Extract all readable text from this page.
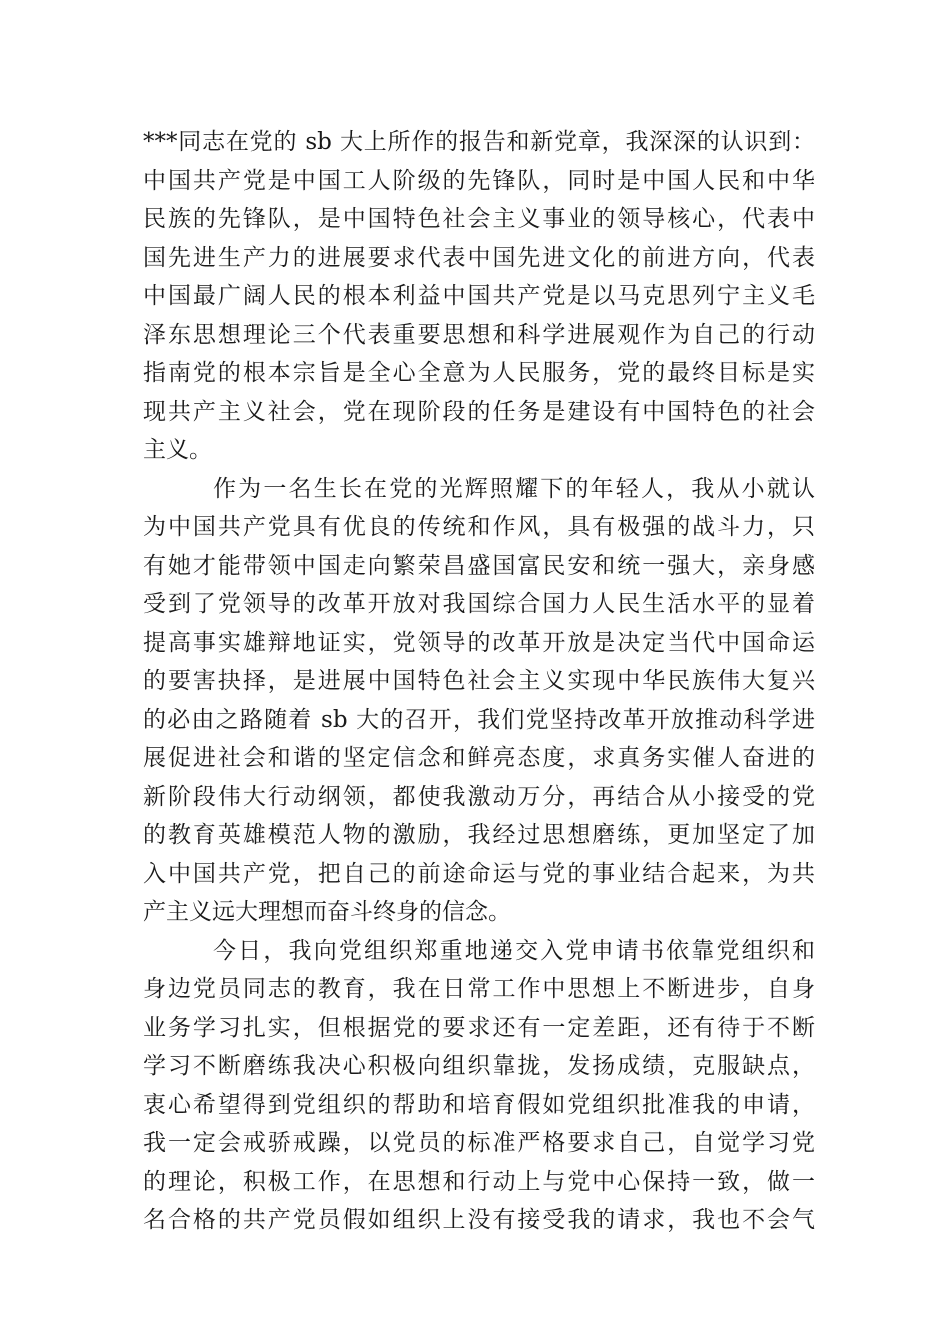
***同志在党的 sb 大上所作的报告和新党章，我深深的认识到：
中国共产党是中国工人阶级的先锋队，同时是中国人民和中华
民族的先锋队，是中国特色社会主义事业的领导核心，代表中
国先进生产力的进展要求代表中国先进文化的前进方向，代表
中国最广阔人民的根本利益中国共产党是以马克思列宁主义毛
泽东思想理论三个代表重要思想和科学进展观作为自己的行动
指南党的根本宗旨是全心全意为人民服务，党的最终目标是实
现共产主义社会，党在现阶段的任务是建设有中国特色的社会
主义。
作为一名生长在党的光辉照耀下的年轻人，我从小就认
为中国共产党具有优良的传统和作风，具有极强的战斗力，只
有她才能带领中国走向繁荣昌盛国富民安和统一强大，亲身感
受到了党领导的改革开放对我国综合国力人民生活水平的显着
提高事实雄辩地证实，党领导的改革开放是决定当代中国命运
的要害抉择，是进展中国特色社会主义实现中华民族伟大复兴
的必由之路随着 sb 大的召开，我们党坚持改革开放推动科学进
展促进社会和谐的坚定信念和鲜亮态度，求真务实催人奋进的
新阶段伟大行动纲领，都使我激动万分，再结合从小接受的党
的教育英雄模范人物的激励，我经过思想磨练，更加坚定了加
入中国共产党，把自己的前途命运与党的事业结合起来，为共
产主义远大理想而奋斗终身的信念。
今日，我向党组织郑重地递交入党申请书依靠党组织和
身边党员同志的教育，我在日常工作中思想上不断进步，自身
业务学习扎实，但根据党的要求还有一定差距，还有待于不断
学习不断磨练我决心积极向组织靠拢，发扬成绩，克服缺点，
衷心希望得到党组织的帮助和培育假如党组织批准我的申请，
我一定会戒骄戒躁，以党员的标准严格要求自己，自觉学习党
的理论，积极工作，在思想和行动上与党中心保持一致，做一
名合格的共产党员假如组织上没有接受我的请求，我也不会气
